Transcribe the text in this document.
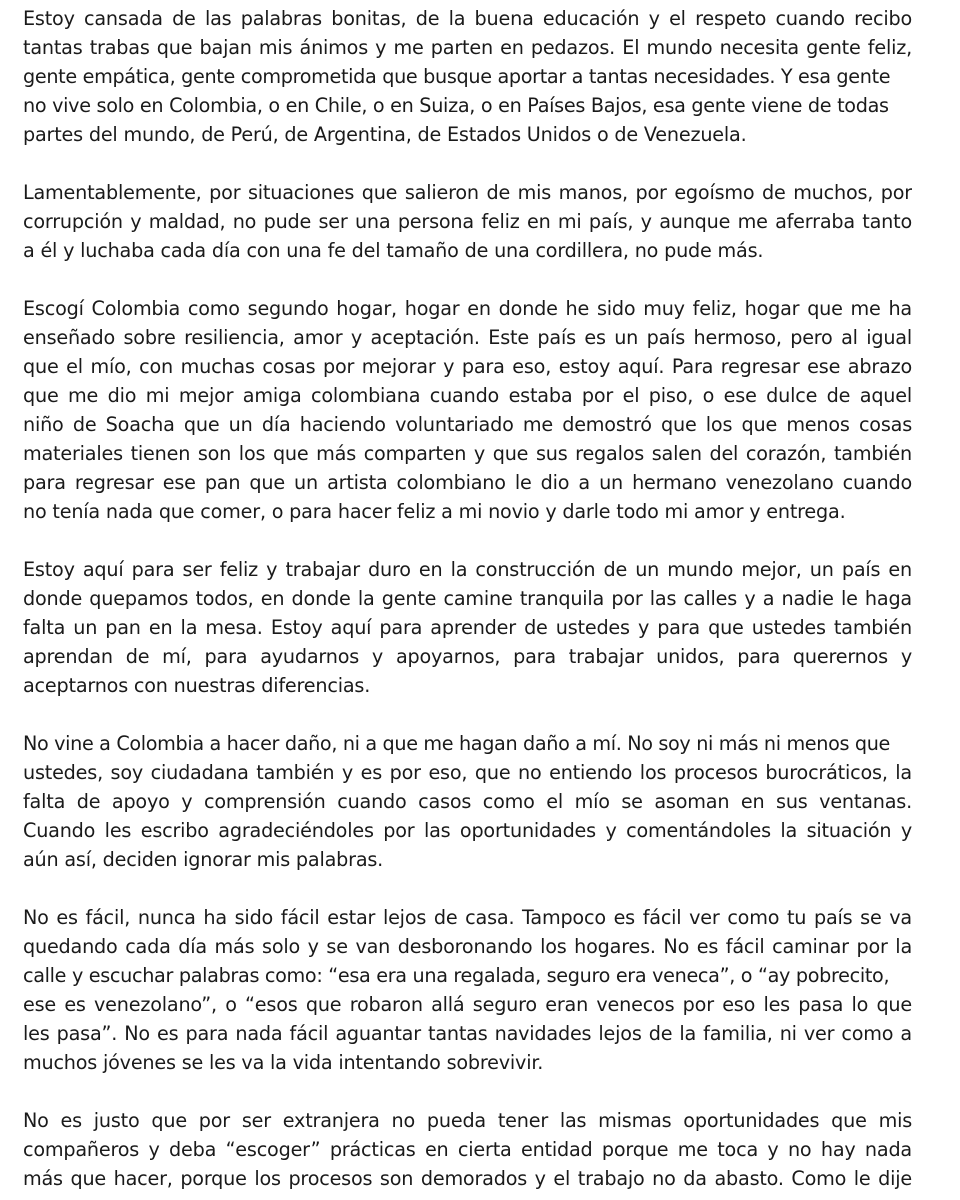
Estoy cansada de las palabras bonitas, de la buena educación y el respeto cuando recibo
tantas trabas que bajan mis ánimos y me parten en pedazos. El mundo necesita gente feliz,
gente empática, gente comprometida que busque aportar a tantas necesidades. Y esa gente
no vive solo en Colombia, o en Chile, o en Suiza, o en Países Bajos, esa gente viene de todas
partes del mundo, de Perú, de Argentina, de Estados Unidos o de Venezuela.
Lamentablemente, por situaciones que salieron de mis manos, por egoísmo de muchos, por
corrupción y maldad, no pude ser una persona feliz en mi país, y aunque me aferraba tanto
a él y luchaba cada día con una fe del tamaño de una cordillera, no pude más.
Escogí Colombia como segundo hogar, hogar en donde he sido muy feliz, hogar que me ha
enseñado sobre resiliencia, amor y aceptación. Este país es un país hermoso, pero al igual
que el mío, con muchas cosas por mejorar y para eso, estoy aquí. Para regresar ese abrazo
que me dio mi mejor amiga colombiana cuando estaba por el piso, o ese dulce de aquel
niño de Soacha que un día haciendo voluntariado me demostró que los que menos cosas
materiales tienen son los que más comparten y que sus regalos salen del corazón, también
para regresar ese pan que un artista colombiano le dio a un hermano venezolano cuando
no tenía nada que comer, o para hacer feliz a mi novio y darle todo mi amor y entrega.
Estoy aquí para ser feliz y trabajar duro en la construcción de un mundo mejor, un país en
donde quepamos todos, en donde la gente camine tranquila por las calles y a nadie le haga
falta un pan en la mesa. Estoy aquí para aprender de ustedes y para que ustedes también
aprendan de mí, para ayudarnos y apoyarnos, para trabajar unidos, para querernos y
aceptarnos con nuestras diferencias.
No vine a Colombia a hacer daño, ni a que me hagan daño a mí. No soy ni más ni menos que
ustedes, soy ciudadana también y es por eso, que no entiendo los procesos burocráticos, la
falta de apoyo y comprensión cuando casos como el mío se asoman en sus ventanas.
Cuando les escribo agradeciéndoles por las oportunidades y comentándoles la situación y
aún así, deciden ignorar mis palabras.
No es fácil, nunca ha sido fácil estar lejos de casa. Tampoco es fácil ver como tu país se va
quedando cada día más solo y se van desboronando los hogares. No es fácil caminar por la
calle y escuchar palabras como: “esa era una regalada, seguro era veneca”, o “ay pobrecito,
ese es venezolano”, o “esos que robaron allá seguro eran venecos por eso les pasa lo que
les pasa”. No es para nada fácil aguantar tantas navidades lejos de la familia, ni ver como a
muchos jóvenes se les va la vida intentando sobrevivir.
No es justo que por ser extranjera no pueda tener las mismas oportunidades que mis
compañeros y deba “escoger” prácticas en cierta entidad porque me toca y no hay nada
más que hacer, porque los procesos son demorados y el trabajo no da abasto. Como le dije
